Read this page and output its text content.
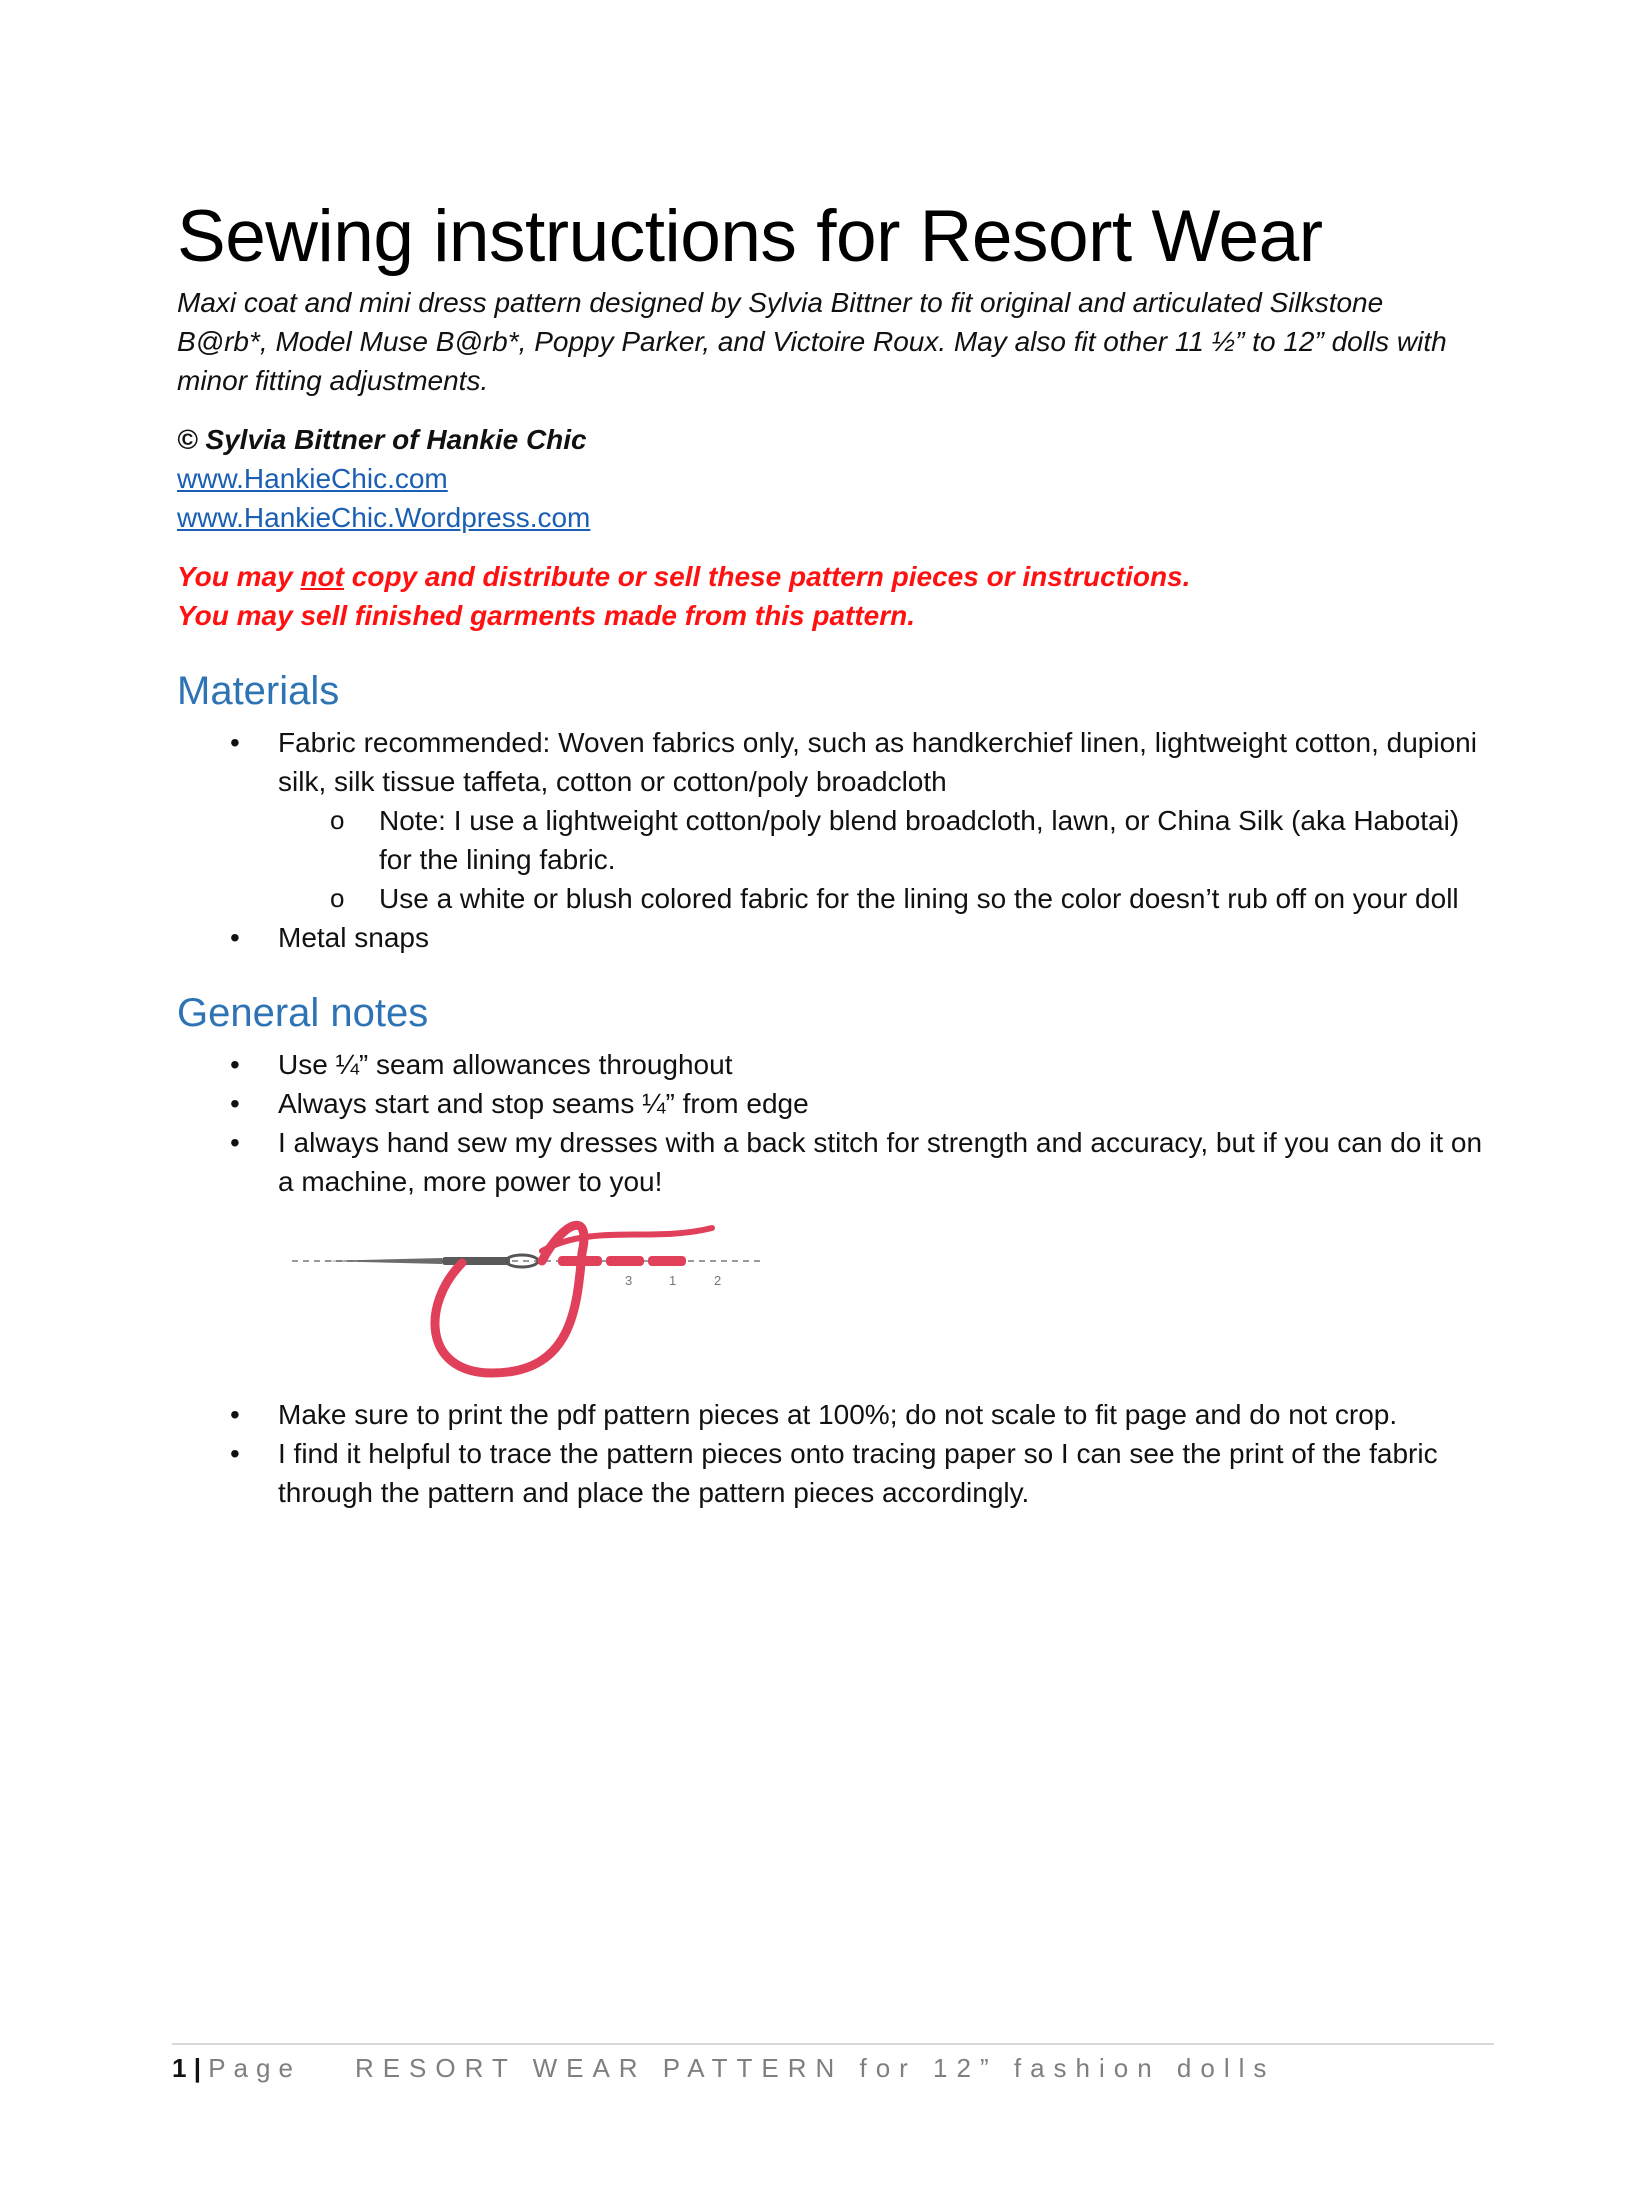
Sewing instructions for Resort Wear

Maxi coat and mini dress pattern designed by Sylvia Bittner to fit original and articulated Silkstone B@rb*, Model Muse B@rb*, Poppy Parker, and Victoire Roux. May also fit other 11 ½” to 12” dolls with minor fitting adjustments.

© Sylvia Bittner of Hankie Chic

www.HankieChic.com
www.HankieChic.Wordpress.com

You may not copy and distribute or sell these pattern pieces or instructions.
You may sell finished garments made from this pattern.

Materials
• Fabric recommended: Woven fabrics only, such as handkerchief linen, lightweight cotton, dupioni silk, silk tissue taffeta, cotton or cotton/poly broadcloth
o Note: I use a lightweight cotton/poly blend broadcloth, lawn, or China Silk (aka Habotai) for the lining fabric.
o Use a white or blush colored fabric for the lining so the color doesn’t rub off on your doll
• Metal snaps
General notes
• Use ¼” seam allowances throughout
• Always start and stop seams ¼” from edge
• I always hand sew my dresses with a back stitch for strength and accuracy, but if you can do it on a machine, more power to you!
3	1	2
• Make sure to print the pdf pattern pieces at 100%; do not scale to fit page and do not crop.
• I find it helpful to trace the pattern pieces onto tracing paper so I can see the print of the fabric through the pattern and place the pattern pieces accordingly.
1 | Page RESORT WEAR PATTERN for 12” fashion dolls
